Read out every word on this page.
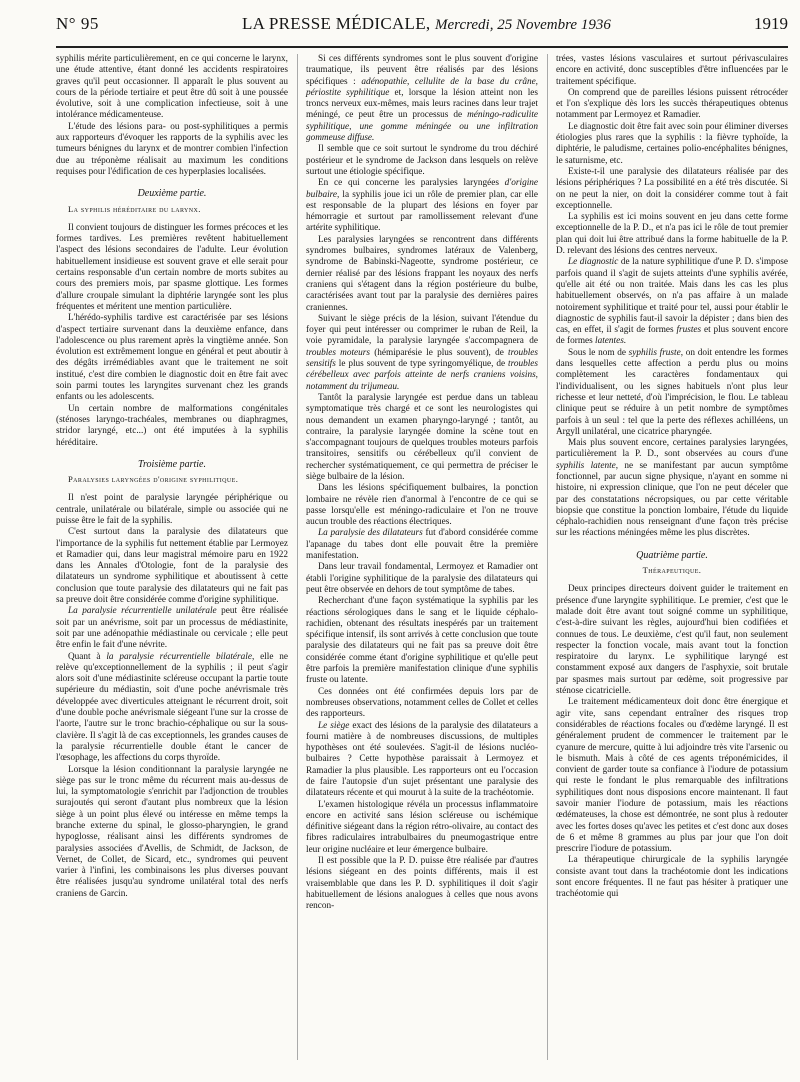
N° 95	LA PRESSE MÉDICALE, Mercredi, 25 Novembre 1936	1919

syphilis mérite particulièrement, en ce qui concerne le larynx, une étude attentive, étant donné les accidents respiratoires graves qu'il peut occasionner. Il apparaît le plus souvent au cours de la période tertiaire et peut être dû soit à une poussée évolutive, soit à une complication infectieuse, soit à une intolérance médicamenteuse.

L'étude des lésions para- ou post-syphilitiques a permis aux rapporteurs d'évoquer les rapports de la syphilis avec les tumeurs bénignes du larynx et de montrer combien l'infection due au tréponème réalisait au maximum les conditions requises pour l'édification de ces hyperplasies localisées.

Deuxième partie.
La syphilis héréditaire du larynx.

Il convient toujours de distinguer les formes précoces et les formes tardives. Les premières revêtent habituellement l'aspect des lésions secondaires de l'adulte. Leur évolution habituellement insidieuse est souvent grave et elle serait pour certains responsable d'un certain nombre de morts subites au cours des premiers mois, par spasme glottique. Les formes d'allure croupale simulant la diphtérie laryngée sont les plus fréquentes et méritent une mention particulière.

L'hérédo-syphilis tardive est caractérisée par ses lésions d'aspect tertiaire survenant dans la deuxième enfance, dans l'adolescence ou plus rarement après la vingtième année. Son évolution est extrêmement longue en général et peut aboutir à des dégâts irrémédiables avant que le traitement ne soit institué, c'est dire combien le diagnostic doit en être fait avec soin parmi toutes les laryngites survenant chez les grands enfants ou les adolescents.

Un certain nombre de malformations congénitales (sténoses laryngo-trachéales, membranes ou diaphragmes, stridor laryngé, etc...) ont été imputées à la syphilis héréditaire.

Troisième partie.
Paralysies laryngées d'origine syphilitique.

Il n'est point de paralysie laryngée périphérique ou centrale, unilatérale ou bilatérale, simple ou associée qui ne puisse être le fait de la syphilis.

C'est surtout dans la paralysie des dilatateurs que l'importance de la syphilis fut nettement établie par Lermoyez et Ramadier qui, dans leur magistral mémoire paru en 1922 dans les Annales d'Otologie, font de la paralysie des dilatateurs un syndrome syphilitique et aboutissent à cette conclusion que toute paralysie des dilatateurs qui ne fait pas sa preuve doit être considérée comme d'origine syphilitique.

La paralysie récurrentielle unilatérale peut être réalisée soit par un anévrisme, soit par un processus de médiastinite, soit par une adénopathie médiastinale ou cervicale ; elle peut être enfin le fait d'une névrite.

Quant à la paralysie récurrentielle bilatérale, elle ne relève qu'exceptionnellement de la syphilis ; il peut s'agir alors soit d'une médiastinite scléreuse occupant la partie toute supérieure du médiastin, soit d'une poche anévrismale très développée avec diverticules atteignant le récurrent droit, soit d'une double poche anévrismale siégeant l'une sur la crosse de l'aorte, l'autre sur le tronc brachio-céphalique ou sur la sous-clavière. Il s'agit là de cas exceptionnels, les grandes causes de la paralysie récurrentielle double étant le cancer de l'œsophage, les affections du corps thyroïde.

Lorsque la lésion conditionnant la paralysie laryngée ne siège pas sur le tronc même du récurrent mais au-dessus de lui, la symptomatologie s'enrichit par l'adjonction de troubles surajoutés qui seront d'autant plus nombreux que la lésion siège à un point plus élevé ou intéresse en même temps la branche externe du spinal, le glosso-pharyngien, le grand hypoglosse, réalisant ainsi les différents syndromes de paralysies associées d'Avellis, de Schmidt, de Jackson, de Vernet, de Collet, de Sicard, etc., syndromes qui peuvent varier à l'infini, les combinaisons les plus diverses pouvant être réalisées jusqu'au syndrome unilatéral total des nerfs craniens de Garcin.

Si ces différents syndromes sont le plus souvent d'origine traumatique, ils peuvent être réalisés par des lésions spécifiques : adénopathie, cellulite de la base du crâne, périostite syphilitique et, lorsque la lésion atteint non les troncs nerveux eux-mêmes, mais leurs racines dans leur trajet méningé, ce peut être un processus de méningo-radiculite syphilitique, une gomme méningée ou une infiltration gommeuse diffuse.

Il semble que ce soit surtout le syndrome du trou déchiré postérieur et le syndrome de Jackson dans lesquels on relève surtout une étiologie spécifique.

En ce qui concerne les paralysies laryngées d'origine bulbaire, la syphilis joue ici un rôle de premier plan, car elle est responsable de la plupart des lésions en foyer par hémorragie et surtout par ramollissement relevant d'une artérite syphilitique.

Les paralysies laryngées se rencontrent dans différents syndromes bulbaires, syndromes latéraux de Valenberg, syndrome de Babinski-Nageotte, syndrome postérieur, ce dernier réalisé par des lésions frappant les noyaux des nerfs craniens qui s'étagent dans la région postérieure du bulbe, caractérisées avant tout par la paralysie des dernières paires craniennes.

Suivant le siège précis de la lésion, suivant l'étendue du foyer qui peut intéresser ou comprimer le ruban de Reil, la voie pyramidale, la paralysie laryngée s'accompagnera de troubles moteurs (hémiparésie le plus souvent), de troubles sensitifs le plus souvent de type syringomyélique, de troubles cérébelleux avec parfois atteinte de nerfs craniens voisins, notamment du trijumeau.

Tantôt la paralysie laryngée est perdue dans un tableau symptomatique très chargé et ce sont les neurologistes qui nous demandent un examen pharyngo-laryngé ; tantôt, au contraire, la paralysie laryngée domine la scène tout en s'accompagnant toujours de quelques troubles moteurs parfois transitoires, sensitifs ou cérébelleux qu'il convient de rechercher systématiquement, ce qui permettra de préciser le siège bulbaire de la lésion.

Dans les lésions spécifiquement bulbaires, la ponction lombaire ne révèle rien d'anormal à l'encontre de ce qui se passe lorsqu'elle est méningo-radiculaire et l'on ne trouve aucun trouble des réactions électriques.

La paralysie des dilatateurs fut d'abord considérée comme l'apanage du tabes dont elle pouvait être la première manifestation.

Dans leur travail fondamental, Lermoyez et Ramadier ont établi l'origine syphilitique de la paralysie des dilatateurs qui peut être observée en dehors de tout symptôme de tabes.

Recherchant d'une façon systématique la syphilis par les réactions sérologiques dans le sang et le liquide céphalo-rachidien, obtenant des résultats inespérés par un traitement spécifique intensif, ils sont arrivés à cette conclusion que toute paralysie des dilatateurs qui ne fait pas sa preuve doit être considérée comme étant d'origine syphilitique et qu'elle peut être parfois la première manifestation clinique d'une syphilis fruste ou latente.

Ces données ont été confirmées depuis lors par de nombreuses observations, notamment celles de Collet et celles des rapporteurs.

Le siège exact des lésions de la paralysie des dilatateurs a fourni matière à de nombreuses discussions, de multiples hypothèses ont été soulevées. S'agit-il de lésions nucléo-bulbaires ? Cette hypothèse paraissait à Lermoyez et Ramadier la plus plausible. Les rapporteurs ont eu l'occasion de faire l'autopsie d'un sujet présentant une paralysie des dilatateurs récente et qui mourut à la suite de la trachéotomie.

L'examen histologique révéla un processus inflammatoire encore en activité sans lésion scléreuse ou ischémique définitive siégeant dans la région rétro-olivaire, au contact des fibres radiculaires intrabulbaires du pneumogastrique entre leur origine nucléaire et leur émergence bulbaire.

Il est possible que la P. D. puisse être réalisée par d'autres lésions siégeant en des points différents, mais il est vraisemblable que dans les P. D. syphilitiques il doit s'agir habituellement de lésions analogues à celles que nous avons rencon-

trées, vastes lésions vasculaires et surtout périvasculaires encore en activité, donc susceptibles d'être influencées par le traitement spécifique.

On comprend que de pareilles lésions puissent rétrocéder et l'on s'explique dès lors les succès thérapeutiques obtenus notamment par Lermoyez et Ramadier.

Le diagnostic doit être fait avec soin pour éliminer diverses étiologies plus rares que la syphilis : la fièvre typhoïde, la diphtérie, le paludisme, certaines polio-encéphalites bénignes, le saturnisme, etc.

Existe-t-il une paralysie des dilatateurs réalisée par des lésions périphériques ? La possibilité en a été très discutée. Si on ne peut la nier, on doit la considérer comme tout à fait exceptionnelle.

La syphilis est ici moins souvent en jeu dans cette forme exceptionnelle de la P. D., et n'a pas ici le rôle de tout premier plan qui doit lui être attribué dans la forme habituelle de la P. D. relevant des lésions des centres nerveux.

Le diagnostic de la nature syphilitique d'une P. D. s'impose parfois quand il s'agit de sujets atteints d'une syphilis avérée, qu'elle ait été ou non traitée. Mais dans les cas les plus habituellement observés, on n'a pas affaire à un malade notoirement syphilitique et traité pour tel, aussi pour établir le diagnostic de syphilis faut-il savoir la dépister ; dans bien des cas, en effet, il s'agit de formes frustes et plus souvent encore de formes latentes.

Sous le nom de syphilis fruste, on doit entendre les formes dans lesquelles cette affection a perdu plus ou moins complètement les caractères fondamentaux qui l'individualisent, ou les signes habituels n'ont plus leur richesse et leur netteté, d'où l'imprécision, le flou. Le tableau clinique peut se réduire à un petit nombre de symptômes parfois à un seul : tel que la perte des réflexes achilléens, un Argyll unilatéral, une cicatrice pharyngée.

Mais plus souvent encore, certaines paralysies laryngées, particulièrement la P. D., sont observées au cours d'une syphilis latente, ne se manifestant par aucun symptôme fonctionnel, par aucun signe physique, n'ayant en somme ni histoire, ni expression clinique, que l'on ne peut déceler que par des constatations nécropsiques, ou par cette véritable biopsie que constitue la ponction lombaire, l'étude du liquide céphalo-rachidien nous renseignant d'une façon très précise sur les réactions méningées même les plus discrètes.

Quatrième partie.
Thérapeutique.

Deux principes directeurs doivent guider le traitement en présence d'une laryngite syphilitique. Le premier, c'est que le malade doit être avant tout soigné comme un syphilitique, c'est-à-dire suivant les règles, aujourd'hui bien codifiées et connues de tous. Le deuxième, c'est qu'il faut, non seulement respecter la fonction vocale, mais avant tout la fonction respiratoire du larynx. Le syphilitique laryngé est constamment exposé aux dangers de l'asphyxie, soit brutale par spasmes mais surtout par œdème, soit progressive par sténose cicatricielle.

Le traitement médicamenteux doit donc être énergique et agir vite, sans cependant entraîner des risques trop considérables de réactions focales ou d'œdème laryngé. Il est généralement prudent de commencer le traitement par le cyanure de mercure, quitte à lui adjoindre très vite l'arsenic ou le bismuth. Mais à côté de ces agents tréponémicides, il convient de garder toute sa confiance à l'iodure de potassium qui reste le fondant le plus remarquable des infiltrations syphilitiques dont nous disposions encore maintenant. Il faut savoir manier l'iodure de potassium, mais les réactions œdémateuses, la chose est démontrée, ne sont plus à redouter avec les fortes doses qu'avec les petites et c'est donc aux doses de 6 et même 8 grammes au plus par jour que l'on doit prescrire l'iodure de potassium.

La thérapeutique chirurgicale de la syphilis laryngée consiste avant tout dans la trachéotomie dont les indications sont encore fréquentes. Il ne faut pas hésiter à pratiquer une trachéotomie qui
